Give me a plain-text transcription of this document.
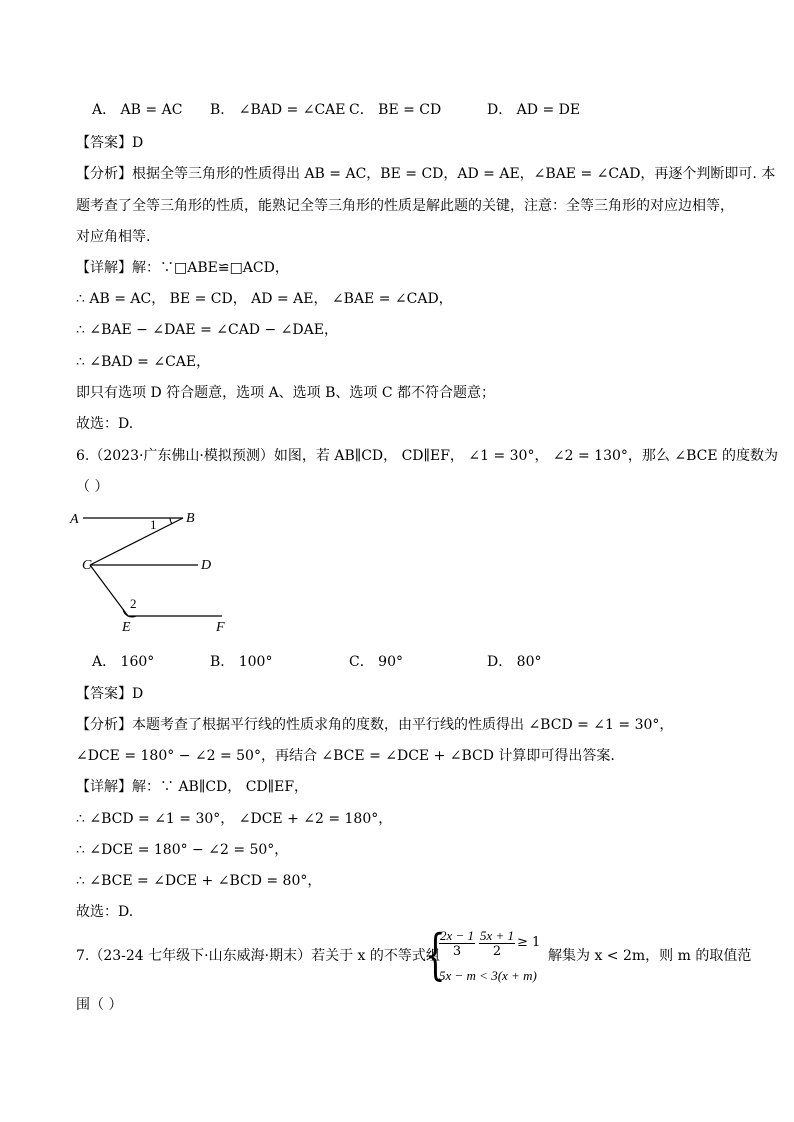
A． AB = AC B． ∠BAD = ∠CAE C． BE = CD	D． AD = DE
【答案】D
【分析】根据全等三角形的性质得出 AB = AC，BE = CD，AD = AE，∠BAE = ∠CAD，再逐个判断即可. 本
题考查了全等三角形的性质，能熟记全等三角形的性质是解此题的关键，注意：全等三角形的对应边相等，
对应角相等.
【详解】解：∵□ABE≌□ACD，
∴ AB = AC， BE = CD， AD = AE， ∠BAE = ∠CAD，
∴ ∠BAE − ∠DAE = ∠CAD − ∠DAE，
∴ ∠BAD = ∠CAE，
即只有选项 D 符合题意，选项 A、选项 B、选项 C 都不符合题意；
故选：D.
6.（2023·广东佛山·模拟预测）如图，若 AB∥CD， CD∥EF， ∠1 = 30°， ∠2 = 130°，那么 ∠BCE 的度数为
（ ）
A	B
C	D
E	F
1
2
A． 160°	B． 100°	C． 90°	D． 80°
【答案】D
【分析】本题考查了根据平行线的性质求角的度数，由平行线的性质得出 ∠BCD = ∠1 = 30°，
∠DCE = 180° − ∠2 = 50°，再结合 ∠BCE = ∠DCE + ∠BCD 计算即可得出答案.
【详解】解：∵ AB∥CD， CD∥EF，
∴ ∠BCD = ∠1 = 30°， ∠DCE + ∠2 = 180°，
∴ ∠DCE = 180° − ∠2 = 50°，
∴ ∠BCE = ∠DCE + ∠BCD = 80°，
故选：D.
7.（23-24 七年级下·山东威海·期末）若关于 x 的不等式组
{
$\frac{2x - 1}{3} \frac{5x + 1}{2} \ge 1$
5x − m < 3(x + m)
解集为 x < 2m，则 m 的取值范
围（ ）
